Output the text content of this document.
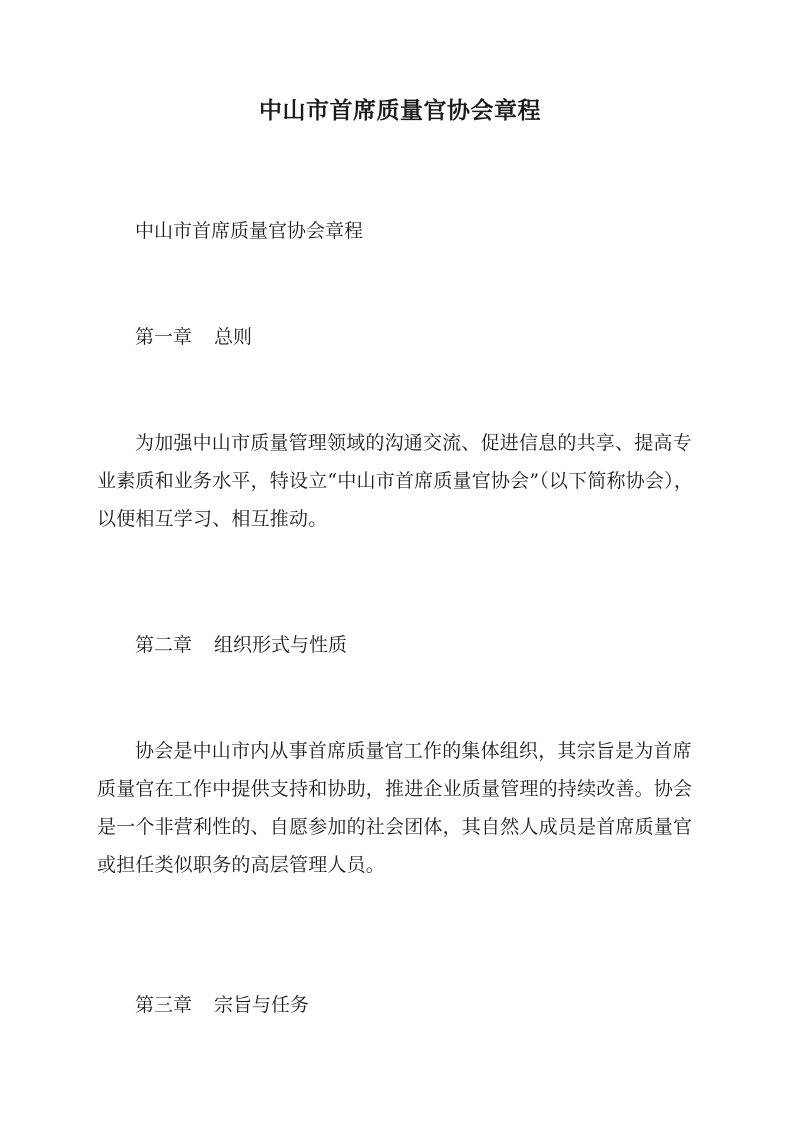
中山市首席质量官协会章程

中山市首席质量官协会章程

第一章 总则

为加强中山市质量管理领域的沟通交流、促进信息的共享、提高专业素质和业务水平，特设立“中山市首席质量官协会”（以下简称协会），以便相互学习、相互推动。

第二章 组织形式与性质

协会是中山市内从事首席质量官工作的集体组织，其宗旨是为首席质量官在工作中提供支持和协助，推进企业质量管理的持续改善。协会是一个非营利性的、自愿参加的社会团体，其自然人成员是首席质量官或担任类似职务的高层管理人员。

第三章 宗旨与任务
